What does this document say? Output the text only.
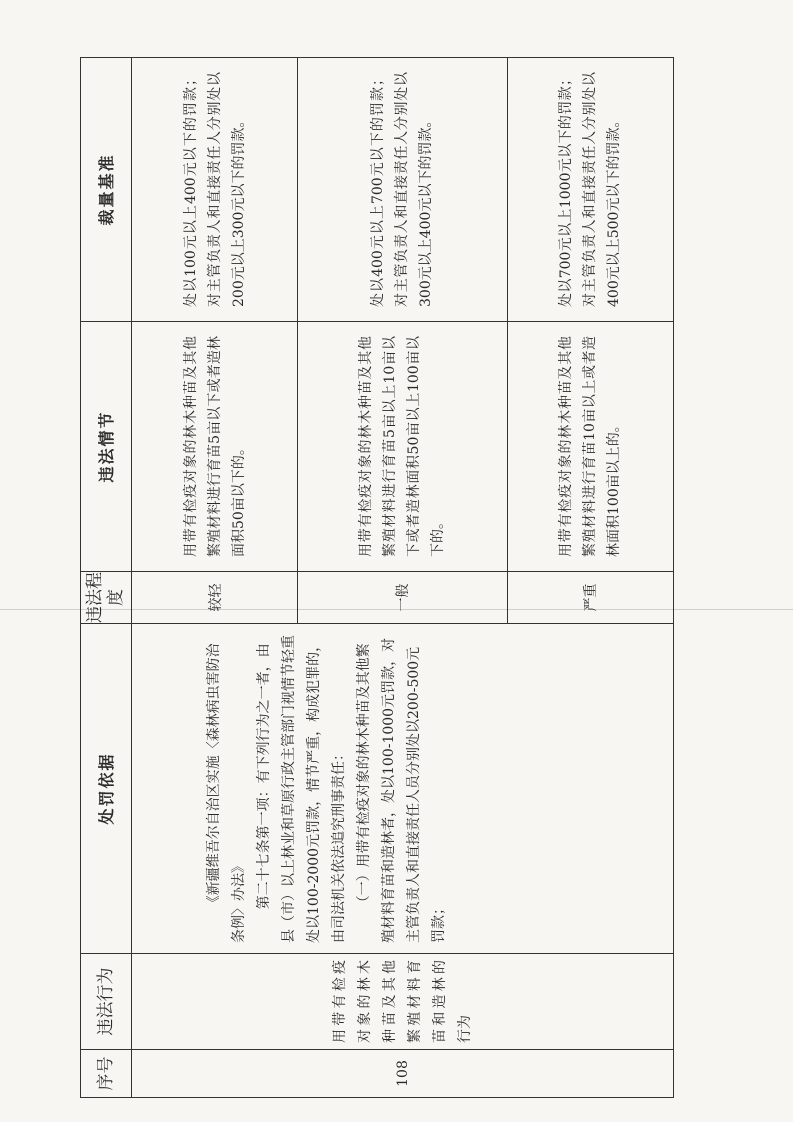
序号	违法行为	处罚依据	违法程度	违法情节	裁量基准
108	用带有检疫对象的林木种苗及其他繁殖材料育苗和造林的行为	《新疆维吾尔自治区实施〈森林病虫害防治条例〉办法》 第二十七条第一项：有下列行为之一者，由县（市）以上林业和草原行政主管部门视情节轻重处以100-2000元罚款，情节严重，构成犯罪的，由司法机关依法追究刑事责任： （一）用带有检疫对象的林木种苗及其他繁殖材料育苗和造林者，处以100-1000元罚款，对主管负责人和直接责任人员分别处以200-500元罚款；	较轻	用带有检疫对象的林木种苗及其他繁殖材料进行育苗5亩以下或者造林面积50亩以下的。	处以100元以上400元以下的罚款；对主管负责人和直接责任人分别处以200元以上300元以下的罚款。
			一般	用带有检疫对象的林木种苗及其他繁殖材料进行育苗5亩以上10亩以下或者造林面积50亩以上100亩以下的。	处以400元以上700元以下的罚款；对主管负责人和直接责任人分别处以300元以上400元以下的罚款。
			严重	用带有检疫对象的林木种苗及其他繁殖材料进行育苗10亩以上或者造林面积100亩以上的。	处以700元以上1000元以下的罚款；对主管负责人和直接责任人分别处以400元以上500元以下的罚款。
